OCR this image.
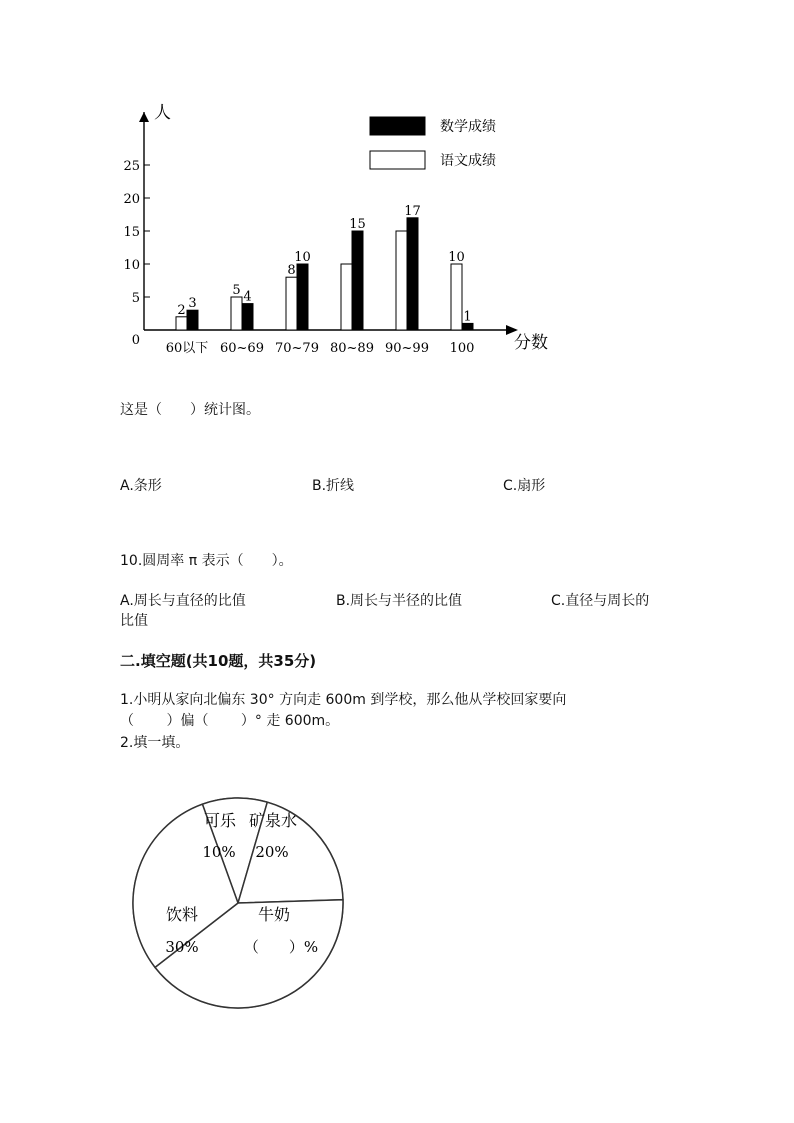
人
分数
0
5
10
15
20
25
2 3
60以下
5 4
60~69
8
10
70~79
15
80~89
17
90~99
10
1
100
数学成绩
语文成绩
这是（　　）统计图。
A.条形	B.折线	C.扇形
10.圆周率 π 表示（　　）。
A.周长与直径的比值	B.周长与半径的比值	C.直径与周长的
比值
二.填空题(共10题，共35分)
1.小明从家向北偏东 30° 方向走 600m 到学校，那么他从学校回家要向
（　　 ）偏（　　 ）° 走 600m。
2.填一填。
可乐
10%
矿泉水
20%
牛奶
（　　）%
饮料
30%
